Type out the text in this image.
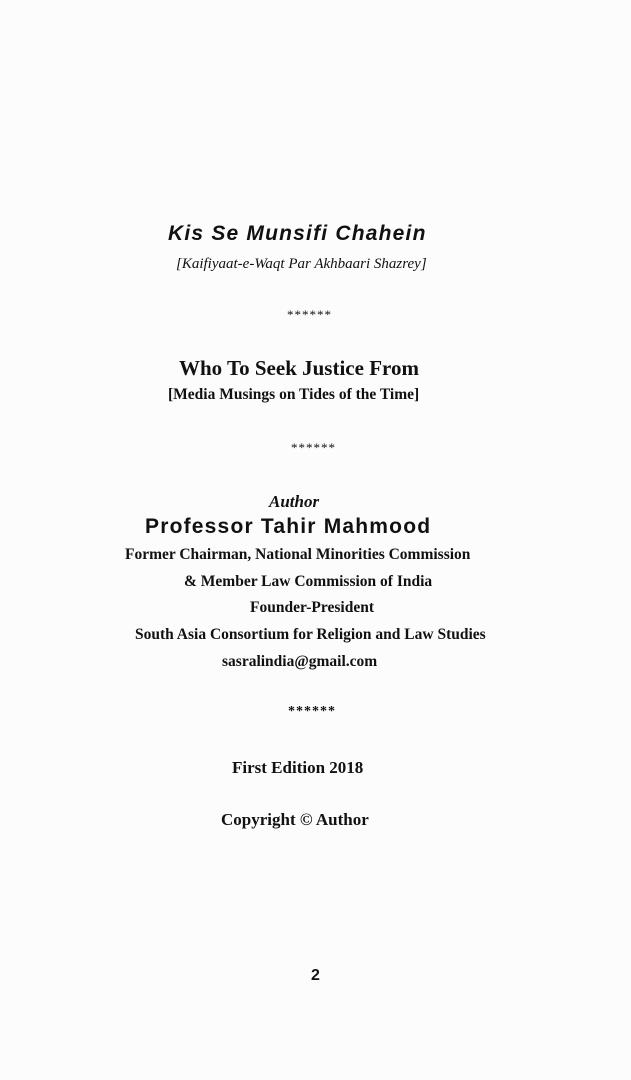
Kis Se Munsifi Chahein

[Kaifiyaat-e-Waqt Par Akhbaari Shazrey]

******

Who To Seek Justice From

[Media Musings on Tides of the Time]

******

Author

Professor Tahir Mahmood

Former Chairman, National Minorities Commission

& Member Law Commission of India

Founder-President

South Asia Consortium for Religion and Law Studies

sasralindia@gmail.com

******

First Edition 2018

Copyright © Author

2
